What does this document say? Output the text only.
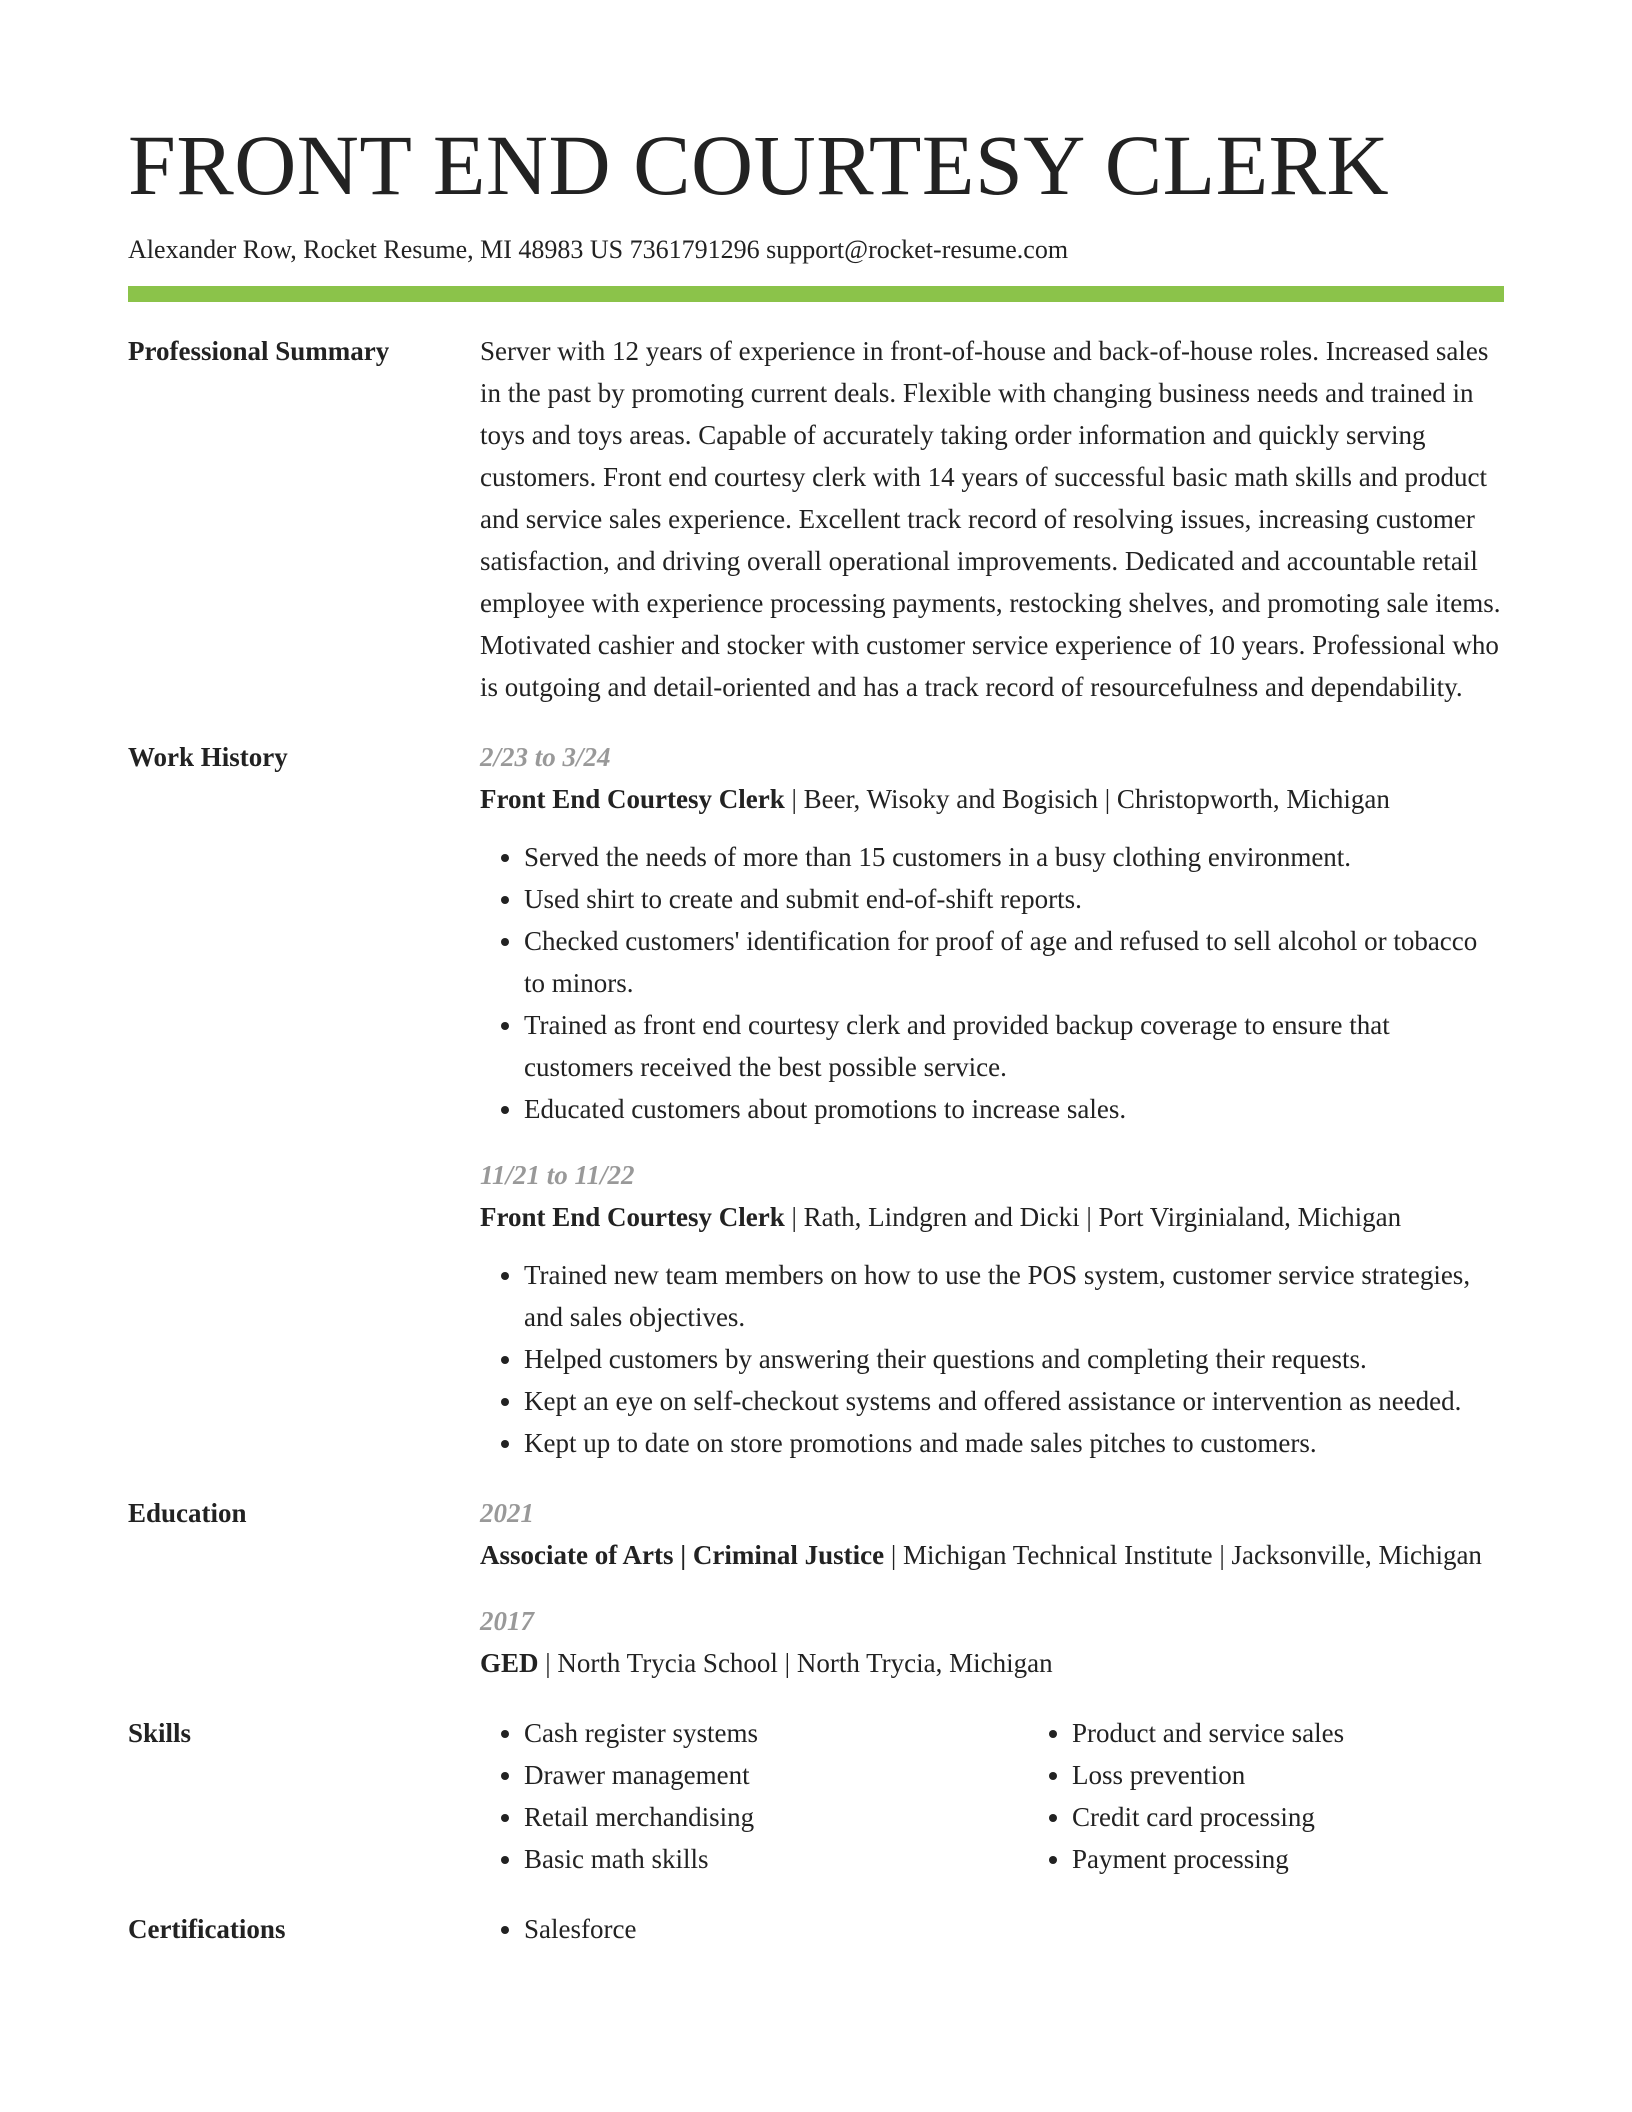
FRONT END COURTESY CLERK
Alexander Row, Rocket Resume, MI 48983 US 7361791296 support@rocket-resume.com
Professional Summary	Server with 12 years of experience in front-of-house and back-of-house roles. Increased sales in the past by promoting current deals. Flexible with changing business needs and trained in toys and toys areas. Capable of accurately taking order information and quickly serving customers. Front end courtesy clerk with 14 years of successful basic math skills and product and service sales experience. Excellent track record of resolving issues, increasing customer satisfaction, and driving overall operational improvements. Dedicated and accountable retail employee with experience processing payments, restocking shelves, and promoting sale items. Motivated cashier and stocker with customer service experience of 10 years. Professional who is outgoing and detail-oriented and has a track record of resourcefulness and dependability.

Work History	2/23 to 3/24
Front End Courtesy Clerk | Beer, Wisoky and Bogisich | Christopworth, Michigan
• Served the needs of more than 15 customers in a busy clothing environment.
• Used shirt to create and submit end-of-shift reports.
• Checked customers' identification for proof of age and refused to sell alcohol or tobacco to minors.
• Trained as front end courtesy clerk and provided backup coverage to ensure that customers received the best possible service.
• Educated customers about promotions to increase sales.
11/21 to 11/22
Front End Courtesy Clerk | Rath, Lindgren and Dicki | Port Virginialand, Michigan
• Trained new team members on how to use the POS system, customer service strategies, and sales objectives.
• Helped customers by answering their questions and completing their requests.
• Kept an eye on self-checkout systems and offered assistance or intervention as needed.
• Kept up to date on store promotions and made sales pitches to customers.
Education	2021
Associate of Arts | Criminal Justice | Michigan Technical Institute | Jacksonville, Michigan
2017
GED | North Trycia School | North Trycia, Michigan
Skills	• Cash register systems
• Drawer management
• Retail merchandising
• Basic math skills
• Product and service sales
• Loss prevention
• Credit card processing
• Payment processing
Certifications	• Salesforce
